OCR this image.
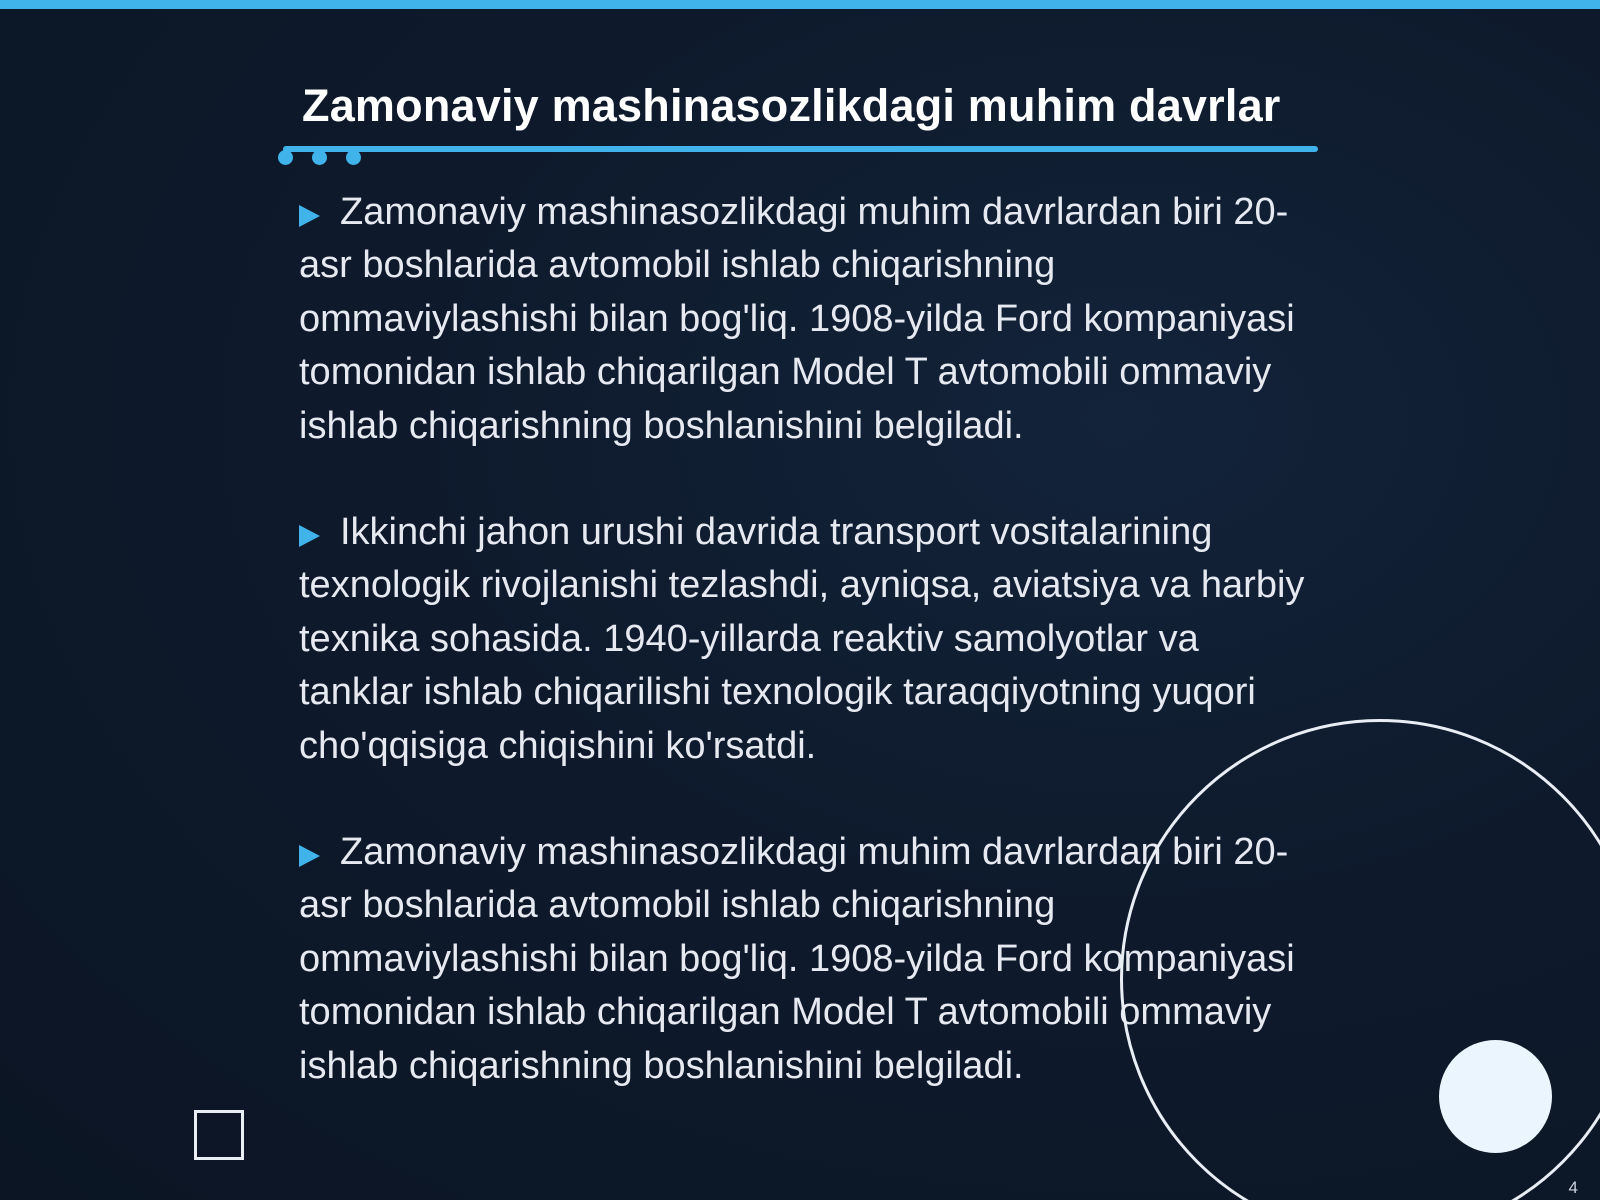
Zamonaviy mashinasozlikdagi muhim davrlar

Zamonaviy mashinasozlikdagi muhim davrlardan biri 20-asr boshlarida avtomobil ishlab chiqarishning ommaviylashishi bilan bog'liq. 1908-yilda Ford kompaniyasi tomonidan ishlab chiqarilgan Model T avtomobili ommaviy ishlab chiqarishning boshlanishini belgiladi.

Ikkinchi jahon urushi davrida transport vositalarining texnologik rivojlanishi tezlashdi, ayniqsa, aviatsiya va harbiy texnika sohasida. 1940-yillarda reaktiv samolyotlar va tanklar ishlab chiqarilishi texnologik taraqqiyotning yuqori cho'qqisiga chiqishini ko'rsatdi.

Zamonaviy mashinasozlikdagi muhim davrlardan biri 20-asr boshlarida avtomobil ishlab chiqarishning ommaviylashishi bilan bog'liq. 1908-yilda Ford kompaniyasi tomonidan ishlab chiqarilgan Model T avtomobili ommaviy ishlab chiqarishning boshlanishini belgiladi.

4
